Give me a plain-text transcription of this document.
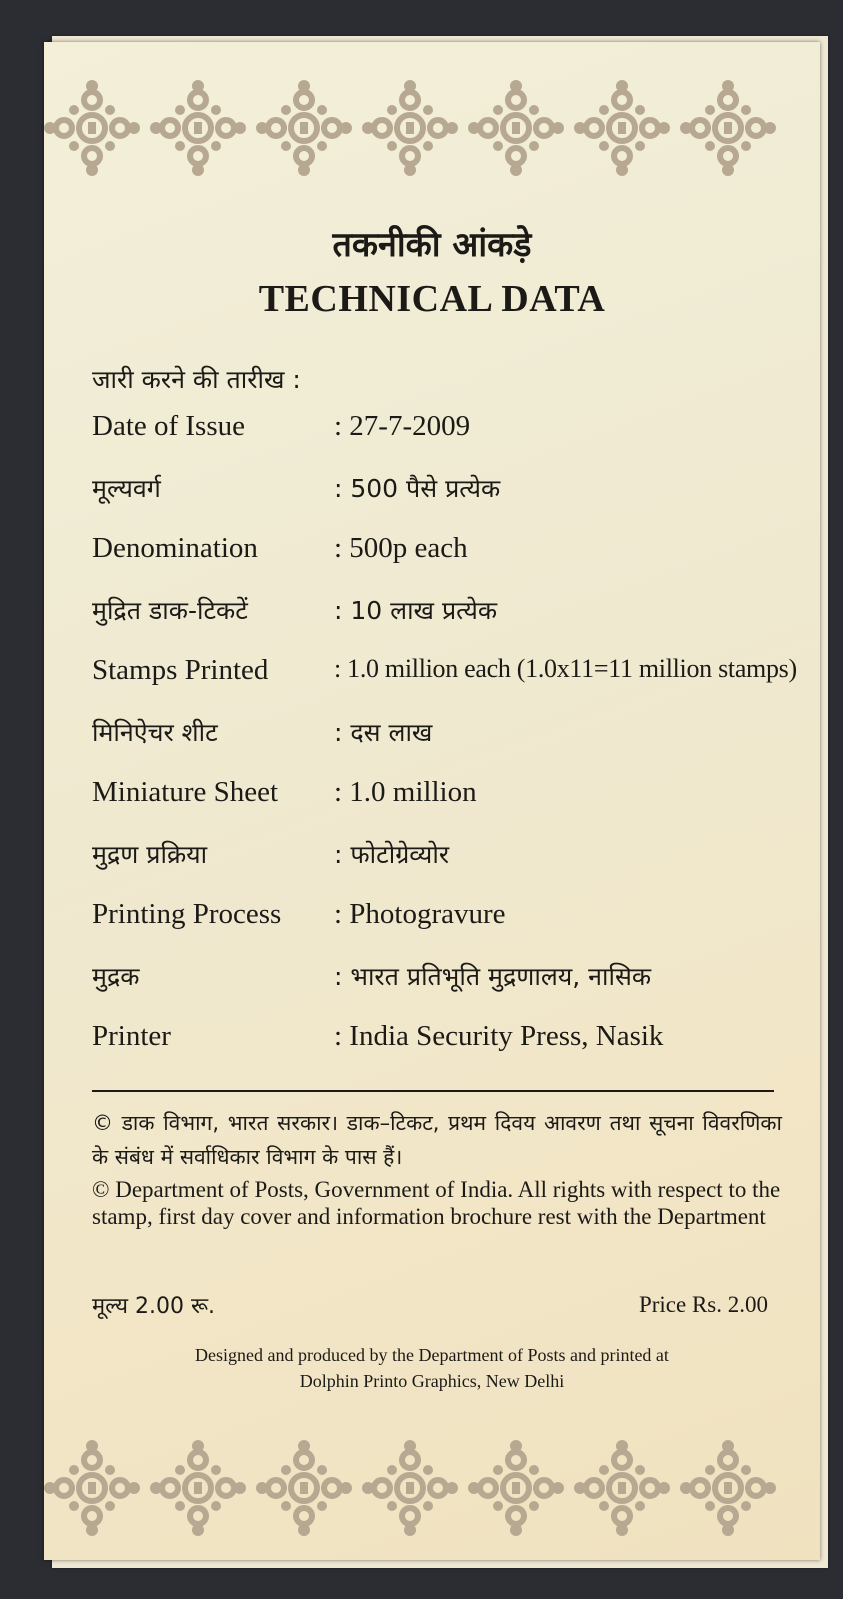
तकनीकी आंकड़े
TECHNICAL DATA
जारी करने की तारीख :
Date of Issue	: 27-7-2009
मूल्यवर्ग	: 500 पैसे प्रत्येक
Denomination	: 500p each
मुद्रित डाक-टिकटें	: 10 लाख प्रत्येक
Stamps Printed	: 1.0 million each (1.0x11=11 million stamps)
मिनिऐचर शीट	: दस लाख
Miniature Sheet : 1.0 million
मुद्रण प्रक्रिया	: फोटोग्रेव्योर
Printing Process : Photogravure
मुद्रक	: भारत प्रतिभूति मुद्रणालय, नासिक
Printer	: India Security Press, Nasik
© डाक विभाग, भारत सरकार। डाक–टिकट, प्रथम दिवय आवरण तथा सूचना विवरणिका के संबंध में सर्वाधिकार विभाग के पास हैं।
© Department of Posts, Government of India. All rights with respect to the stamp, first day cover and information brochure rest with the Department
मूल्य 2.00 रू.	Price Rs. 2.00
Designed and produced by the Department of Posts and printed at
Dolphin Printo Graphics, New Delhi
